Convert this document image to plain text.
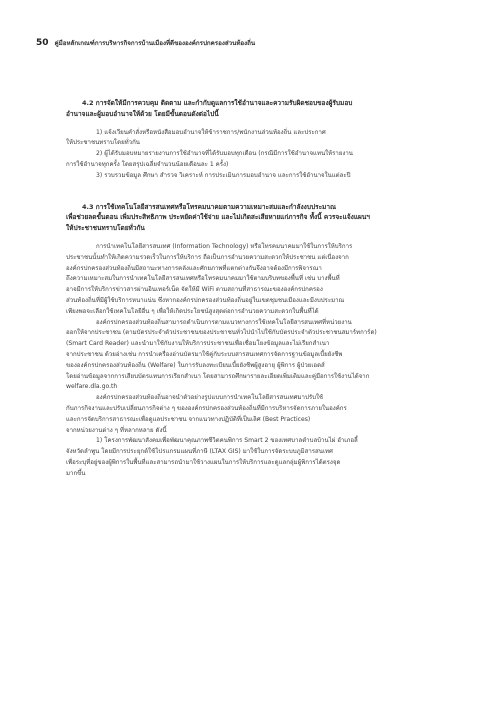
50 คู่มือหลักเกณฑ์การบริหารกิจการบ้านเมืองที่ดีขององค์กรปกครองส่วนท้องถิ่น

4.2 การจัดให้มีการควบคุม ติดตาม และกำกับดูแลการใช้อำนาจและความรับผิดชอบของผู้รับมอบ
อำนาจและผู้มอบอำนาจให้ด้วย โดยมีขั้นตอนดังต่อไปนี้

1) แจ้งเวียนคำสั่งหรือหนังสือมอบอำนาจให้ข้าราชการ/พนักงานส่วนท้องถิ่น และประกาศ
ให้ประชาชนทราบโดยทั่วกัน

2) ผู้ได้รับมอบหมายรายงานการใช้อำนาจที่ได้รับมอบทุกเดือน (กรณีมีการใช้อำนาจแทนให้รายงาน
การใช้อำนาจทุกครั้ง โดยสรุปเฉลี่ยจำนวนน้อยเดือนละ 1 ครั้ง)

3) รวบรวมข้อมูล ศึกษา สำรวจ วิเคราะห์ การประเมินการมอบอำนาจ และการใช้อำนาจในแต่ละปี

4.3 การใช้เทคโนโลยีสารสนเทศหรือโทรคมนาคมตามความเหมาะสมและกำลังงบประมาณ
เพื่อช่วยลดขั้นตอน เพิ่มประสิทธิภาพ ประหยัดค่าใช้จ่าย และไม่เกิดสะเสียหายแก่ภารกิจ ทั้งนี้ ควรจะแจ้งแผนฯ
ให้ประชาชนทราบโดยทั่วกัน

การนำเทคโนโลยีสารสนเทศ (Information Technology) หรือโทรคมนาคมมาใช้ในการให้บริการ
ประชาชนนั้นทำให้เกิดความรวดเร็วในการให้บริการ ถือเป็นการอำนวยความสะดวกให้ประชาชน แต่เนื่องจาก
องค์กรปกครองส่วนท้องถิ่นมีสถานะทางการคลังและศักยภาพที่แตกต่างกันจึงอาจต้องมีการพิจารณา
ถึงความเหมาะสมในการนำเทคโนโลยีสารสนเทศหรือโทรคมนาคมมาใช้ตามบริบทของพื้นที่ เช่น บางพื้นที่
อาจมีการให้บริการข่าวสารผ่านอินเทอร์เน็ต จัดให้มี WiFi ตามสถานที่สาธารณะขององค์กรปกครอง
ส่วนท้องถิ่นที่มีผู้ใช้บริการหนาแน่น ซึ่งหากองค์กรปกครองส่วนท้องถิ่นอยู่ในเขตชุมชนเมืองและมีงบประมาณ
เพียงพอจะเลือกใช้เทคโนโลยีอื่น ๆ เพื่อให้เกิดประโยชน์สูงสุดต่อการอำนวยความสะดวกในพื้นที่ได้

องค์กรปกครองส่วนท้องถิ่นสามารถดำเนินการตามแนวทางการใช้เทคโนโลยีสารสนเทศที่หน่วยงาน
ออกให้จากประชาชน (ตามบัตรประจำตัวประชาชนของประชาชนทั่วไปนำไปใช้กับบัตรประจำตัวประชาชนสมาร์ทการ์ด)
(Smart Card Reader) และนำมาใช้กับงานให้บริการประชาชนเพื่อเชื่อมโยงข้อมูลและไม่เรียกสำเนา
จากประชาชน ด้วยอ่างเช่น การนำเครื่องอ่านบัตรมาใช้คู่กับระบบสารสนเทศการจัดการฐานข้อมูลเบี้ยยังชีพ
ขององค์กรปกครองส่วนท้องถิ่น (Welfare) ในการรับลงทะเบียนเบี้ยยังชีพผู้สูงอายุ ผู้พิการ ผู้ป่วยเอดส์
โดยอ่านข้อมูลจากการเสียบบัตรแทนการเรียกสำเนา โดยสามารถศึกษารายละเอียดเพิ่มเติมและคู่มือการใช้งานได้จาก
welfare.dla.go.th

องค์กรปกครองส่วนท้องถิ่นอาจนำตัวอย่างรูปแบบการนำเทคโนโลยีสารสนเทศมาปรับใช้
กับภารกิจงานและปรับเปลี่ยนภารกิจต่าง ๆ ขององค์กรปกครองส่วนท้องถิ่นที่มีการบริหารจัดการภายในองค์กร
และการจัดบริการสาธารณะเพื่อดูแลประชาชน จากแนวทางปฏิบัติที่เป็นเลิศ (Best Practices)
จากหน่วยงานต่าง ๆ ที่หลากหลาย ดังนี้

1) โครงการพัฒนาสังคมเพื่อพัฒนาคุณภาพชีวิตคนพิการ Smart 2 ของเทศบาลตำบลบ้านไผ่ อำเภอลี้
จังหวัดลำพูน โดยมีการประยุกต์ใช้โปรแกรมแผนที่ภาษี (LTAX GIS) มาใช้ในการจัดระบบภูมิสารสนเทศ
เพื่อระบุที่อยู่ของผู้พิการในพื้นที่และสามารถนำมาใช้วางแผนในการให้บริการและดูแลกลุ่มผู้พิการได้ตรงจุด
มากขึ้น
